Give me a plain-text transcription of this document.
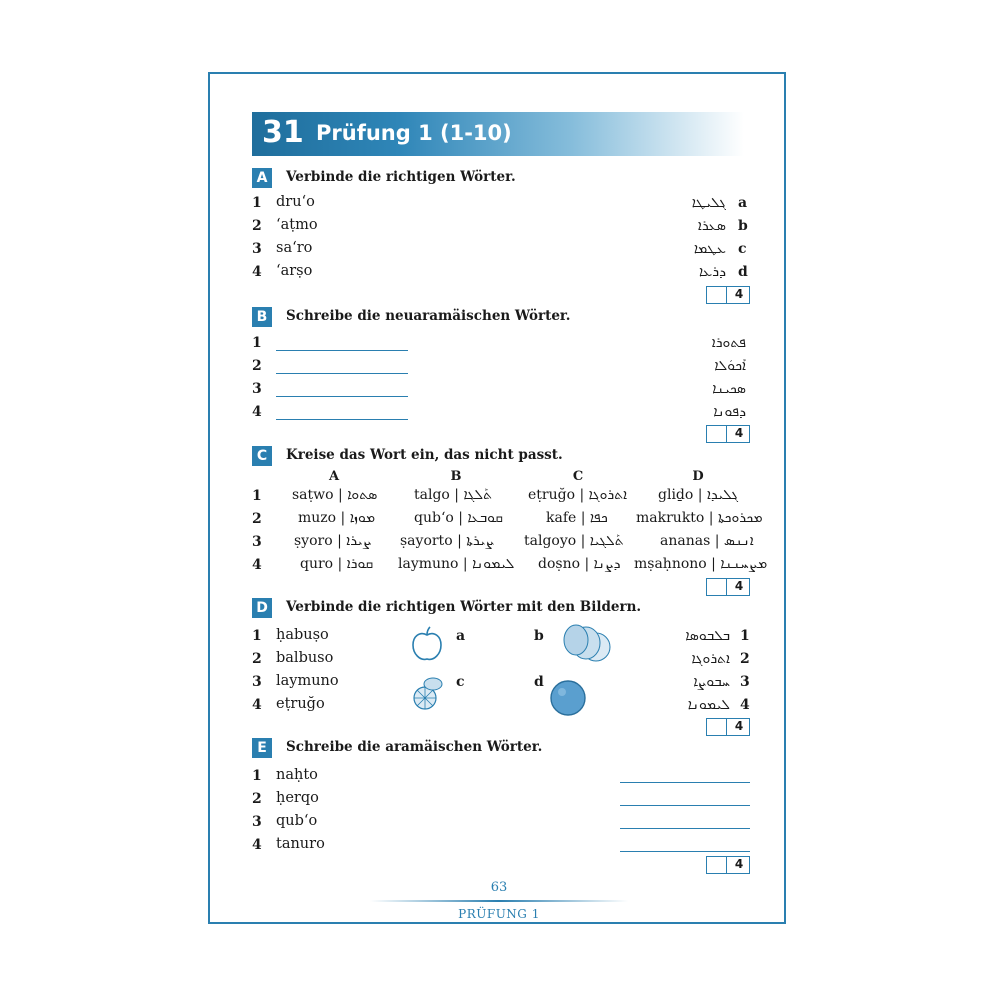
31 Prüfung 1 (1-10)
A	Verbinde die richtigen Wörter.
1 dru‘o	ܓܠܝܛܐ a
2 ‘aṭmo	ܣܥܪܐ b
3 sa‘ro	ܥܛܡܐ c
4 ‘arṣo	ܕܪܥܐ d
4
B	Schreibe die neuaramäischen Wörter.
1	ܦܬܘܪܐ
2	ܐܰܟܘܿܠܐ
3	ܣܟܝܢܐ
4	ܕܦܘܢܐ
4
C	Kreise das Wort ein, das nicht passt.
A	B	C	D
1 saṭwo | ܣܬܘܐ	talgo | ܬܰܠܓܐ	eṭruğo | ܐܬܪܘܓܐ gliḏo | ܓܠܝܕܐ
2	muzo | ܡܘܙܐ	qub‘o | ܩܘܒܥܐ	kafe | ܟܦܐ makrukto | ܡܟܪܘܟܬܐ
3 ṣyoro | ܨܝܪܐ ṣayorto | ܨܝܪܬܐ talgoyo | ܬܰܠܓܝܐ	ananas | ܐܢܢܣ
4	quro | ܩܘܪܐ laymuno | ܠܝܡܘܢܐ doṣno | ܕܨܢܐ mṣaḥnono | ܡܨܚܢܢܐ
4
D	Verbinde die richtigen Wörter mit den Bildern.
1 ḥabuṣo
2 balbuso
3 laymuno
4 eṭruğo
a	b
c	d
ܒܠܒܘܣܐ 1
ܐܬܪܘܓܐ 2
ܚܒܘܨܐ 3
ܠܝܡܘܢܐ 4
4
E	Schreibe die aramäischen Wörter.
1 naḥto
2 ḥerqo
3 qub‘o
4 tanuro
4
63
PRÜFUNG 1
